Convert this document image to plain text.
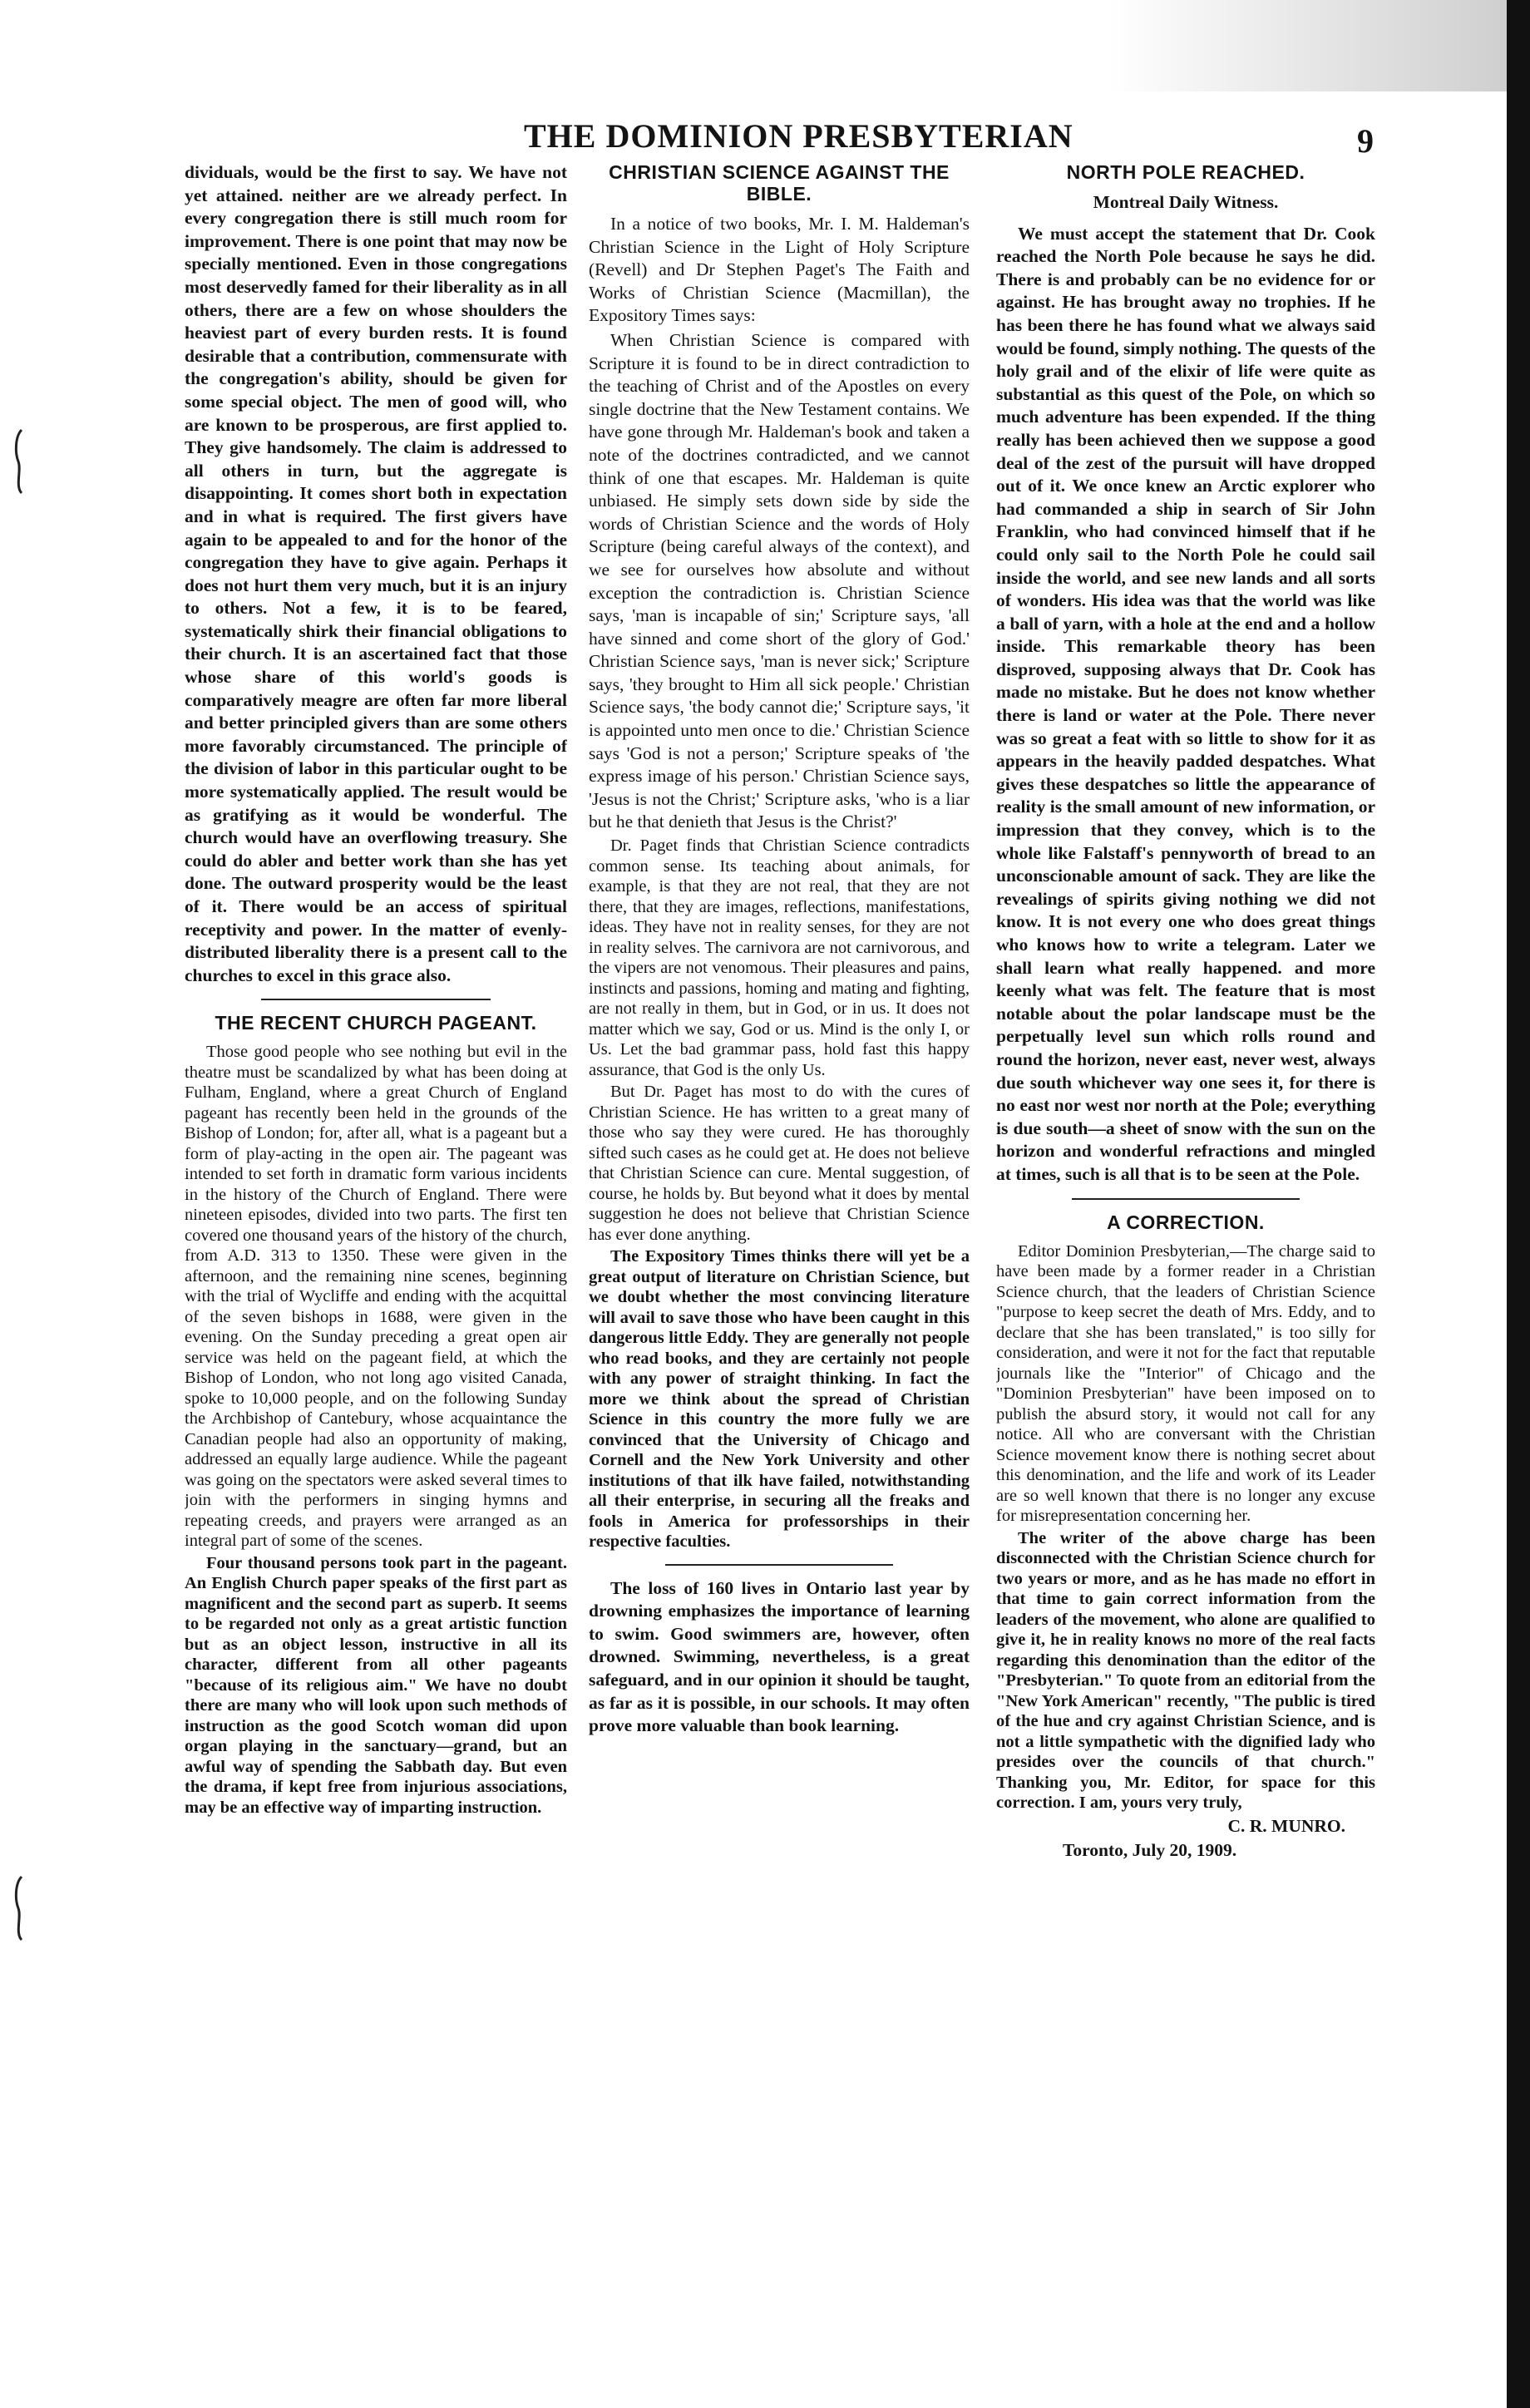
THE DOMINION PRESBYTERIAN	9

dividuals, would be the first to say. We have not yet attained. neither are we already perfect. In every congregation there is still much room for improvement. There is one point that may now be specially mentioned. Even in those congregations most deservedly famed for their liberality as in all others, there are a few on whose shoulders the heaviest part of every burden rests. It is found desirable that a contribution, commensurate with the congregation's ability, should be given for some special object. The men of good will, who are known to be prosperous, are first applied to. They give handsomely. The claim is addressed to all others in turn, but the aggregate is disappointing. It comes short both in expectation and in what is required. The first givers have again to be appealed to and for the honor of the congregation they have to give again. Perhaps it does not hurt them very much, but it is an injury to others. Not a few, it is to be feared, systematically shirk their financial obligations to their church. It is an ascertained fact that those whose share of this world's goods is comparatively meagre are often far more liberal and better principled givers than are some others more favorably circumstanced. The principle of the division of labor in this particular ought to be more systematically applied. The result would be as gratifying as it would be wonderful. The church would have an overflowing treasury. She could do abler and better work than she has yet done. The outward prosperity would be the least of it. There would be an access of spiritual receptivity and power. In the matter of evenly-distributed liberality there is a present call to the churches to excel in this grace also.

THE RECENT CHURCH PAGEANT.

Those good people who see nothing but evil in the theatre must be scandalized by what has been doing at Fulham, England, where a great Church of England pageant has recently been held in the grounds of the Bishop of London; for, after all, what is a pageant but a form of play-acting in the open air. The pageant was intended to set forth in dramatic form various incidents in the history of the Church of England. There were nineteen episodes, divided into two parts. The first ten covered one thousand years of the history of the church, from A.D. 313 to 1350. These were given in the afternoon, and the remaining nine scenes, beginning with the trial of Wycliffe and ending with the acquittal of the seven bishops in 1688, were given in the evening. On the Sunday preceding a great open air service was held on the pageant field, at which the Bishop of London, who not long ago visited Canada, spoke to 10,000 people, and on the following Sunday the Archbishop of Cantebury, whose acquaintance the Canadian people had also an opportunity of making, addressed an equally large audience. While the pageant was going on the spectators were asked several times to join with the performers in singing hymns and repeating creeds, and prayers were arranged as an integral part of some of the scenes.

Four thousand persons took part in the pageant. An English Church paper speaks of the first part as magnificent and the second part as superb. It seems to be regarded not only as a great artistic function but as an object lesson, instructive in all its character, different from all other pageants "because of its religious aim." We have no doubt there are many who will look upon such methods of instruction as the good Scotch woman did upon organ playing in the sanctuary—grand, but an awful way of spending the Sabbath day. But even the drama, if kept free from injurious associations, may be an effective way of imparting instruction.

CHRISTIAN SCIENCE AGAINST THE BIBLE.

In a notice of two books, Mr. I. M. Haldeman's Christian Science in the Light of Holy Scripture (Revell) and Dr Stephen Paget's The Faith and Works of Christian Science (Macmillan), the Expository Times says:

When Christian Science is compared with Scripture it is found to be in direct contradiction to the teaching of Christ and of the Apostles on every single doctrine that the New Testament contains. We have gone through Mr. Haldeman's book and taken a note of the doctrines contradicted, and we cannot think of one that escapes. Mr. Haldeman is quite unbiased. He simply sets down side by side the words of Christian Science and the words of Holy Scripture (being careful always of the context), and we see for ourselves how absolute and without exception the contradiction is. Christian Science says, 'man is incapable of sin;' Scripture says, 'all have sinned and come short of the glory of God.' Christian Science says, 'man is never sick;' Scripture says, 'they brought to Him all sick people.' Christian Science says, 'the body cannot die;' Scripture says, 'it is appointed unto men once to die.' Christian Science says 'God is not a person;' Scripture speaks of 'the express image of his person.' Christian Science says, 'Jesus is not the Christ;' Scripture asks, 'who is a liar but he that denieth that Jesus is the Christ?'

Dr. Paget finds that Christian Science contradicts common sense. Its teaching about animals, for example, is that they are not real, that they are not there, that they are images, reflections, manifestations, ideas. They have not in reality senses, for they are not in reality selves. The carnivora are not carnivorous, and the vipers are not venomous. Their pleasures and pains, instincts and passions, homing and mating and fighting, are not really in them, but in God, or in us. It does not matter which we say, God or us. Mind is the only I, or Us. Let the bad grammar pass, hold fast this happy assurance, that God is the only Us.

But Dr. Paget has most to do with the cures of Christian Science. He has written to a great many of those who say they were cured. He has thoroughly sifted such cases as he could get at. He does not believe that Christian Science can cure. Mental suggestion, of course, he holds by. But beyond what it does by mental suggestion he does not believe that Christian Science has ever done anything.

The Expository Times thinks there will yet be a great output of literature on Christian Science, but we doubt whether the most convincing literature will avail to save those who have been caught in this dangerous little Eddy. They are generally not people who read books, and they are certainly not people with any power of straight thinking. In fact the more we think about the spread of Christian Science in this country the more fully we are convinced that the University of Chicago and Cornell and the New York University and other institutions of that ilk have failed, notwithstanding all their enterprise, in securing all the freaks and fools in America for professorships in their respective faculties.

The loss of 160 lives in Ontario last year by drowning emphasizes the importance of learning to swim. Good swimmers are, however, often drowned. Swimming, nevertheless, is a great safeguard, and in our opinion it should be taught, as far as it is possible, in our schools. It may often prove more valuable than book learning.

NORTH POLE REACHED.

Montreal Daily Witness.

We must accept the statement that Dr. Cook reached the North Pole because he says he did. There is and probably can be no evidence for or against. He has brought away no trophies. If he has been there he has found what we always said would be found, simply nothing. The quests of the holy grail and of the elixir of life were quite as substantial as this quest of the Pole, on which so much adventure has been expended. If the thing really has been achieved then we suppose a good deal of the zest of the pursuit will have dropped out of it. We once knew an Arctic explorer who had commanded a ship in search of Sir John Franklin, who had convinced himself that if he could only sail to the North Pole he could sail inside the world, and see new lands and all sorts of wonders. His idea was that the world was like a ball of yarn, with a hole at the end and a hollow inside. This remarkable theory has been disproved, supposing always that Dr. Cook has made no mistake. But he does not know whether there is land or water at the Pole. There never was so great a feat with so little to show for it as appears in the heavily padded despatches. What gives these despatches so little the appearance of reality is the small amount of new information, or impression that they convey, which is to the whole like Falstaff's pennyworth of bread to an unconscionable amount of sack. They are like the revealings of spirits giving nothing we did not know. It is not every one who does great things who knows how to write a telegram. Later we shall learn what really happened. and more keenly what was felt. The feature that is most notable about the polar landscape must be the perpetually level sun which rolls round and round the horizon, never east, never west, always due south whichever way one sees it, for there is no east nor west nor north at the Pole; everything is due south—a sheet of snow with the sun on the horizon and wonderful refractions and mingled at times, such is all that is to be seen at the Pole.

A CORRECTION.

Editor Dominion Presbyterian,—The charge said to have been made by a former reader in a Christian Science church, that the leaders of Christian Science "purpose to keep secret the death of Mrs. Eddy, and to declare that she has been translated," is too silly for consideration, and were it not for the fact that reputable journals like the "Interior" of Chicago and the "Dominion Presbyterian" have been imposed on to publish the absurd story, it would not call for any notice. All who are conversant with the Christian Science movement know there is nothing secret about this denomination, and the life and work of its Leader are so well known that there is no longer any excuse for misrepresentation concerning her.

The writer of the above charge has been disconnected with the Christian Science church for two years or more, and as he has made no effort in that time to gain correct information from the leaders of the movement, who alone are qualified to give it, he in reality knows no more of the real facts regarding this denomination than the editor of the "Presbyterian." To quote from an editorial from the "New York American" recently, "The public is tired of the hue and cry against Christian Science, and is not a little sympathetic with the dignified lady who presides over the councils of that church." Thanking you, Mr. Editor, for space for this correction. I am, yours very truly,

C. R. MUNRO.

Toronto, July 20, 1909.
